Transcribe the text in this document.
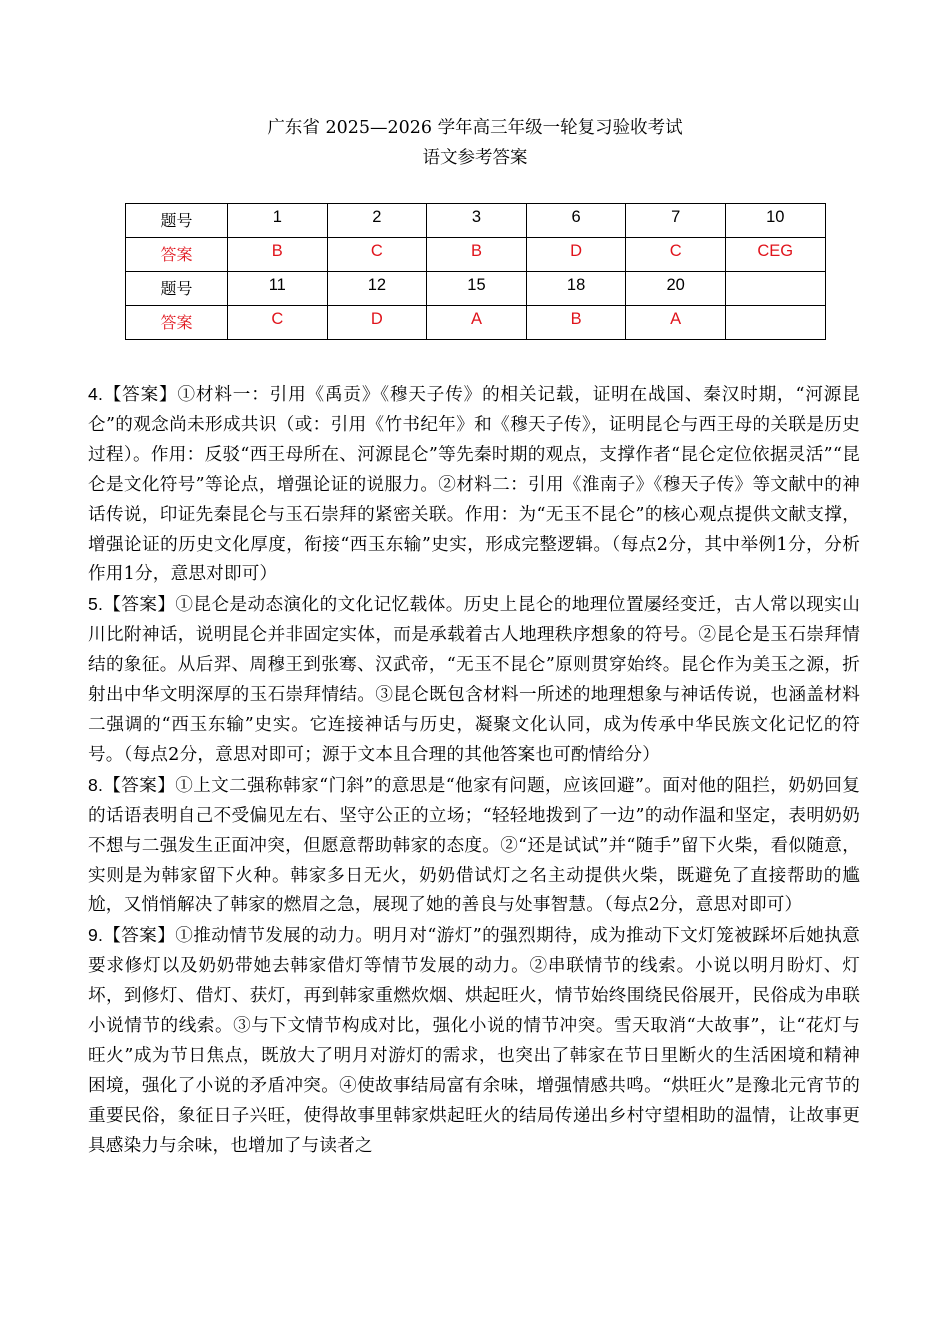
广东省 2025—2026 学年高三年级一轮复习验收考试
语文参考答案
题号	1	2	3	6	7	10
答案	B	C	B	D	C	CEG
题号	11	12	15	18	20	
答案	C	D	A	B	A	

4.【答案】①材料一：引用《禹贡》《穆天子传》的相关记载，证明在战国、秦汉时期，“河源昆仑”的观念尚未形成共识（或：引用《竹书纪年》和《穆天子传》，证明昆仑与西王母的关联是历史过程）。作用：反驳“西王母所在、河源昆仑”等先秦时期的观点，支撑作者“昆仑定位依据灵活”“昆仑是文化符号”等论点，增强论证的说服力。②材料二：引用《淮南子》《穆天子传》等文献中的神话传说，印证先秦昆仑与玉石崇拜的紧密关联。作用：为“无玉不昆仑”的核心观点提供文献支撑，增强论证的历史文化厚度，衔接“西玉东输”史实，形成完整逻辑。（每点2分，其中举例1分，分析作用1分，意思对即可）

5.【答案】①昆仑是动态演化的文化记忆载体。历史上昆仑的地理位置屡经变迁，古人常以现实山川比附神话，说明昆仑并非固定实体，而是承载着古人地理秩序想象的符号。②昆仑是玉石崇拜情结的象征。从后羿、周穆王到张骞、汉武帝，“无玉不昆仑”原则贯穿始终。昆仑作为美玉之源，折射出中华文明深厚的玉石崇拜情结。③昆仑既包含材料一所述的地理想象与神话传说，也涵盖材料二强调的“西玉东输”史实。它连接神话与历史，凝聚文化认同，成为传承中华民族文化记忆的符号。（每点2分，意思对即可；源于文本且合理的其他答案也可酌情给分）

8.【答案】①上文二强称韩家“门斜”的意思是“他家有问题，应该回避”。面对他的阻拦，奶奶回复的话语表明自己不受偏见左右、坚守公正的立场；“轻轻地拨到了一边”的动作温和坚定，表明奶奶不想与二强发生正面冲突，但愿意帮助韩家的态度。②“还是试试”并“随手”留下火柴，看似随意，实则是为韩家留下火种。韩家多日无火，奶奶借试灯之名主动提供火柴，既避免了直接帮助的尴尬，又悄悄解决了韩家的燃眉之急，展现了她的善良与处事智慧。（每点2分，意思对即可）

9.【答案】①推动情节发展的动力。明月对“游灯”的强烈期待，成为推动下文灯笼被踩坏后她执意要求修灯以及奶奶带她去韩家借灯等情节发展的动力。②串联情节的线索。小说以明月盼灯、灯坏，到修灯、借灯、获灯，再到韩家重燃炊烟、烘起旺火，情节始终围绕民俗展开，民俗成为串联小说情节的线索。③与下文情节构成对比，强化小说的情节冲突。雪天取消“大故事”，让“花灯与旺火”成为节日焦点，既放大了明月对游灯的需求，也突出了韩家在节日里断火的生活困境和精神困境，强化了小说的矛盾冲突。④使故事结局富有余味，增强情感共鸣。“烘旺火”是豫北元宵节的重要民俗，象征日子兴旺，使得故事里韩家烘起旺火的结局传递出乡村守望相助的温情，让故事更具感染力与余味，也增加了与读者之
